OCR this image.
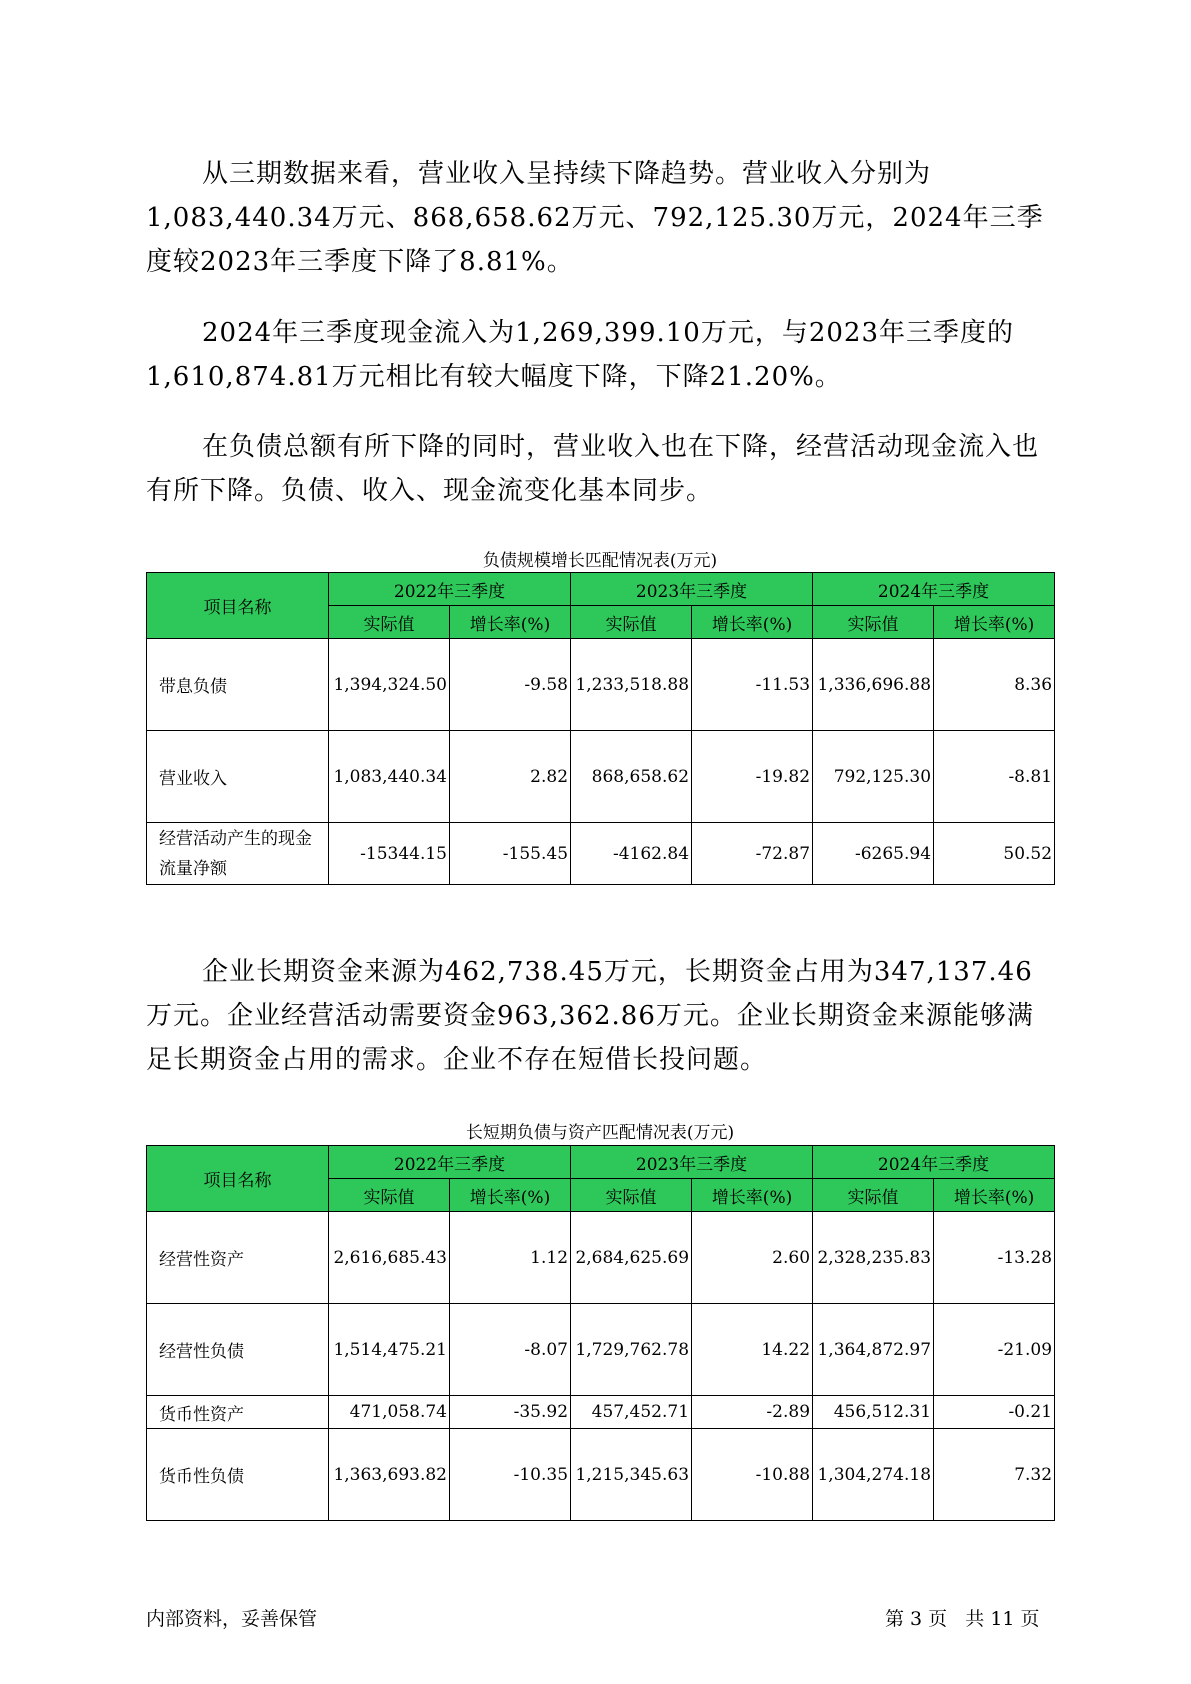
从三期数据来看，营业收入呈持续下降趋势。营业收入分别为1,083,440.34万元、868,658.62万元、792,125.30万元，2024年三季度较2023年三季度下降了8.81%。

2024年三季度现金流入为1,269,399.10万元，与2023年三季度的1,610,874.81万元相比有较大幅度下降，下降21.20%。

在负债总额有所下降的同时，营业收入也在下降，经营活动现金流入也有所下降。负债、收入、现金流变化基本同步。

负债规模增长匹配情况表(万元)
项目名称	2022年三季度		2023年三季度		2024年三季度	
	实际值	增长率(%)	实际值	增长率(%)	实际值	增长率(%)
带息负债	1,394,324.50	-9.58	1,233,518.88	-11.53	1,336,696.88	8.36
营业收入	1,083,440.34	2.82	868,658.62	-19.82	792,125.30	-8.81
经营活动产生的现金流量净额	-15344.15	-155.45	-4162.84	-72.87	-6265.94	50.52

企业长期资金来源为462,738.45万元，长期资金占用为347,137.46万元。企业经营活动需要资金963,362.86万元。企业长期资金来源能够满足长期资金占用的需求。企业不存在短借长投问题。

长短期负债与资产匹配情况表(万元)
项目名称	2022年三季度		2023年三季度		2024年三季度	
	实际值	增长率(%)	实际值	增长率(%)	实际值	增长率(%)
经营性资产	2,616,685.43	1.12	2,684,625.69	2.60	2,328,235.83	-13.28
经营性负债	1,514,475.21	-8.07	1,729,762.78	14.22	1,364,872.97	-21.09
货币性资产	471,058.74	-35.92	457,452.71	-2.89	456,512.31	-0.21
货币性负债	1,363,693.82	-10.35	1,215,345.63	-10.88	1,304,274.18	7.32
内部资料，妥善保管	第 3 页   共 11 页
